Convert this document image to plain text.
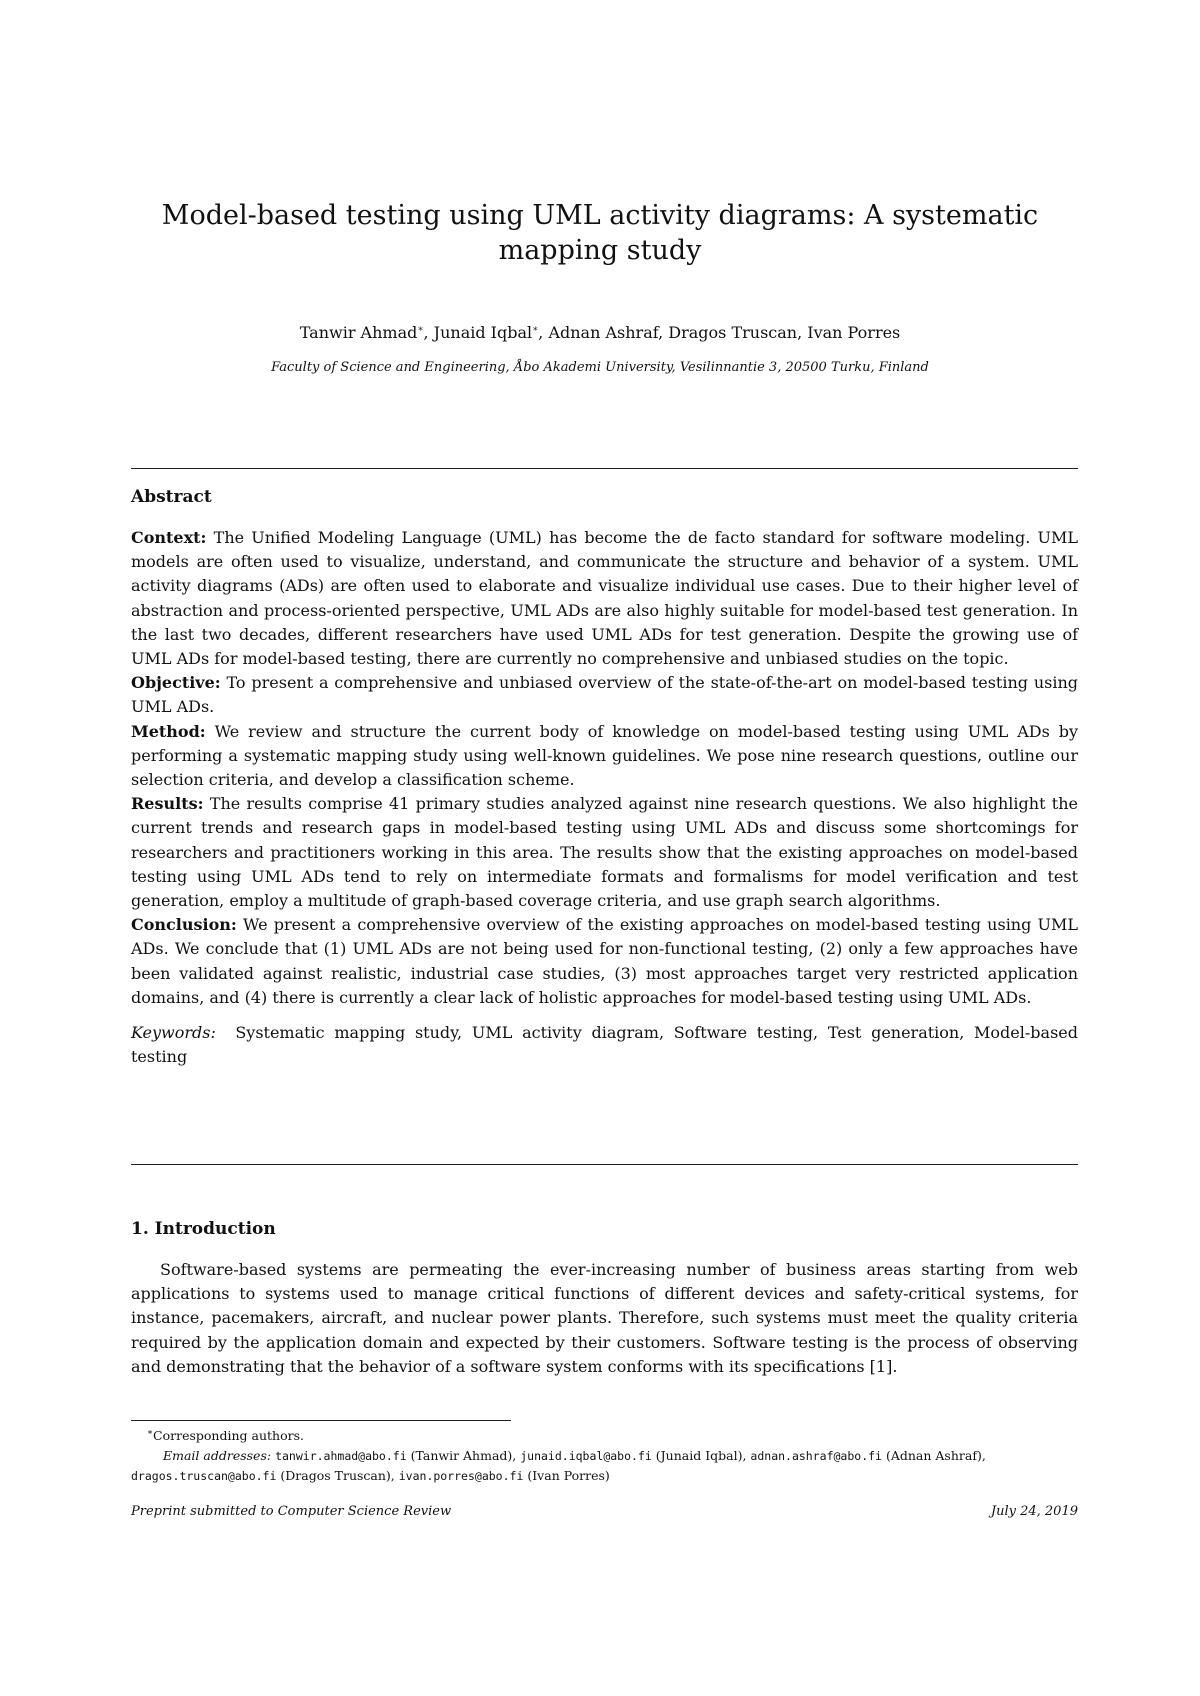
Model-based testing using UML activity diagrams: A systematic mapping study
Tanwir Ahmad∗, Junaid Iqbal∗, Adnan Ashraf, Dragos Truscan, Ivan Porres
Faculty of Science and Engineering, Åbo Akademi University, Vesilinnantie 3, 20500 Turku, Finland
Abstract

Context: The Unified Modeling Language (UML) has become the de facto standard for software modeling. UML models are often used to visualize, understand, and communicate the structure and behavior of a system. UML activity diagrams (ADs) are often used to elaborate and visualize individual use cases. Due to their higher level of abstraction and process-oriented perspective, UML ADs are also highly suitable for model-based test generation. In the last two decades, different researchers have used UML ADs for test generation. Despite the growing use of UML ADs for model-based testing, there are currently no comprehensive and unbiased studies on the topic.

Objective: To present a comprehensive and unbiased overview of the state-of-the-art on model-based testing using UML ADs.

Method: We review and structure the current body of knowledge on model-based testing using UML ADs by performing a systematic mapping study using well-known guidelines. We pose nine research questions, outline our selection criteria, and develop a classification scheme.

Results: The results comprise 41 primary studies analyzed against nine research questions. We also highlight the current trends and research gaps in model-based testing using UML ADs and discuss some shortcomings for researchers and practitioners working in this area. The results show that the existing approaches on model-based testing using UML ADs tend to rely on intermediate formats and formalisms for model verification and test generation, employ a multitude of graph-based coverage criteria, and use graph search algorithms.

Conclusion: We present a comprehensive overview of the existing approaches on model-based testing using UML ADs. We conclude that (1) UML ADs are not being used for non-functional testing, (2) only a few approaches have been validated against realistic, industrial case studies, (3) most approaches target very restricted application domains, and (4) there is currently a clear lack of holistic approaches for model-based testing using UML ADs.

Keywords: Systematic mapping study, UML activity diagram, Software testing, Test generation, Model-based testing

1. Introduction

Software-based systems are permeating the ever-increasing number of business areas starting from web applications to systems used to manage critical functions of different devices and safety-critical systems, for instance, pacemakers, aircraft, and nuclear power plants. Therefore, such systems must meet the quality criteria required by the application domain and expected by their customers. Software testing is the process of observing and demonstrating that the behavior of a software system conforms with its specifications [1].

∗Corresponding authors.

Email addresses: tanwir.ahmad@abo.fi (Tanwir Ahmad), junaid.iqbal@abo.fi (Junaid Iqbal), adnan.ashraf@abo.fi (Adnan Ashraf), dragos.truscan@abo.fi (Dragos Truscan), ivan.porres@abo.fi (Ivan Porres)

Preprint submitted to Computer Science Review	July 24, 2019
